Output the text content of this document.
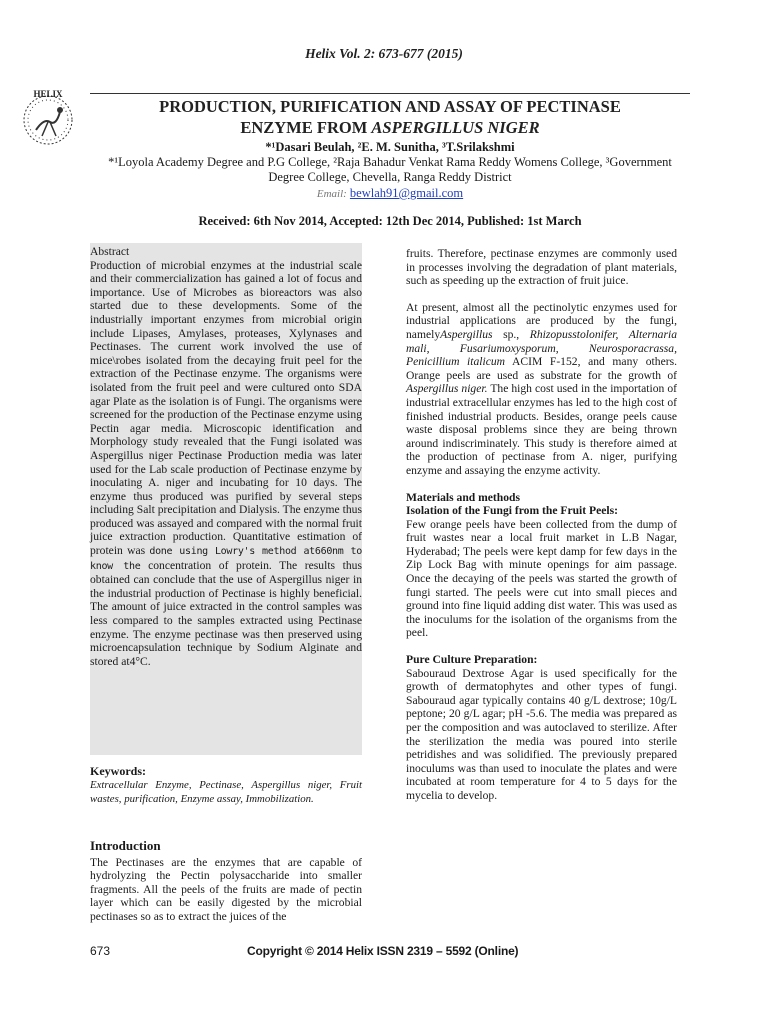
Helix Vol. 2: 673-677 (2015)
HELIX
PRODUCTION, PURIFICATION AND ASSAY OF PECTINASE
ENZYME FROM ASPERGILLUS NIGER
*¹Dasari Beulah, ²E. M. Sunitha, ³T.Srilakshmi
*¹Loyola Academy Degree and P.G College, ²Raja Bahadur Venkat Rama Reddy Womens College, ³Government
Degree College, Chevella, Ranga Reddy District
Email: bewlah91@gmail.com
Received: 6th Nov 2014, Accepted: 12th Dec 2014, Published: 1st March
Abstract
Production of microbial enzymes at the industrial scale and their commercialization has gained a lot of focus and importance. Use of Microbes as bioreactors was also started due to these developments. Some of the industrially important enzymes from microbial origin include Lipases, Amylases, proteases, Xylynases and Pectinases. The current work involved the use of mice\robes isolated from the decaying fruit peel for the extraction of the Pectinase enzyme. The organisms were isolated from the fruit peel and were cultured onto SDA agar Plate as the isolation is of Fungi. The organisms were screened for the production of the Pectinase enzyme using Pectin agar media. Microscopic identification and Morphology study revealed that the Fungi isolated was Aspergillus niger Pectinase Production media was later used for the Lab scale production of Pectinase enzyme by inoculating A. niger and incubating for 10 days. The enzyme thus produced was purified by several steps including Salt precipitation and Dialysis. The enzyme thus produced was assayed and compared with the normal fruit juice extraction production. Quantitative estimation of protein was done using Lowry's method at660nm to know the concentration of protein. The results thus obtained can conclude that the use of Aspergillus niger in the industrial production of Pectinase is highly beneficial. The amount of juice extracted in the control samples was less compared to the samples extracted using Pectinase enzyme. The enzyme pectinase was then preserved using microencapsulation technique by Sodium Alginate and stored at4°C.
Keywords:
Extracellular Enzyme, Pectinase, Aspergillus niger, Fruit wastes, purification, Enzyme assay, Immobilization.
Introduction
The Pectinases are the enzymes that are capable of hydrolyzing the Pectin polysaccharide into smaller fragments. All the peels of the fruits are made of pectin layer which can be easily digested by the microbial pectinases so as to extract the juices of the

fruits. Therefore, pectinase enzymes are commonly used in processes involving the degradation of plant materials, such as speeding up the extraction of fruit juice.

At present, almost all the pectinolytic enzymes used for industrial applications are produced by the fungi, namelyAspergillus sp., Rhizopusstolonifer, Alternaria mali, Fusariumoxysporum, Neurosporacrassa, Penicillium italicum ACIM F-152, and many others. Orange peels are used as substrate for the growth of Aspergillus niger. The high cost used in the importation of industrial extracellular enzymes has led to the high cost of finished industrial products. Besides, orange peels cause waste disposal problems since they are being thrown around indiscriminately. This study is therefore aimed at the production of pectinase from A. niger, purifying enzyme and assaying the enzyme activity.

Materials and methods
Isolation of the Fungi from the Fruit Peels:

Few orange peels have been collected from the dump of fruit wastes near a local fruit market in L.B Nagar, Hyderabad; The peels were kept damp for few days in the Zip Lock Bag with minute openings for aim passage. Once the decaying of the peels was started the growth of fungi started. The peels were cut into small pieces and ground into fine liquid adding dist water. This was used as the inoculums for the isolation of the organisms from the peel.

Pure Culture Preparation:

Sabouraud Dextrose Agar is used specifically for the growth of dermatophytes and other types of fungi. Sabouraud agar typically contains 40 g/L dextrose; 10g/L peptone; 20 g/L agar; pH -5.6. The media was prepared as per the composition and was autoclaved to sterilize. After the sterilization the media was poured into sterile petridishes and was solidified. The previously prepared inoculums was than used to inoculate the plates and were incubated at room temperature for 4 to 5 days for the mycelia to develop.

673	Copyright © 2014 Helix ISSN 2319 – 5592 (Online)
